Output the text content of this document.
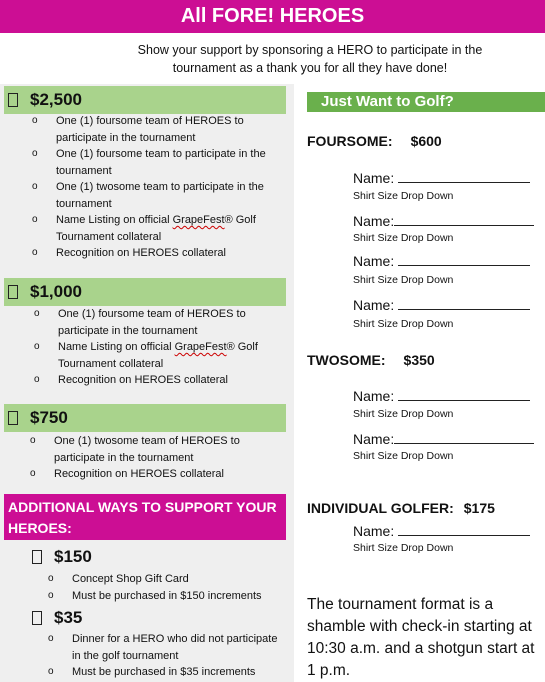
All FORE! HEROES
Show your support by sponsoring a HERO to participate in the tournament as a thank you for all they have done!
$2,500
o One (1) foursome team of HEROES to participate in the tournament
o One (1) foursome team to participate in the tournament
o One (1) twosome team to participate in the tournament
o Name Listing on official GrapeFest® Golf Tournament collateral
o Recognition on HEROES collateral
$1,000
o One (1) foursome team of HEROES to participate in the tournament
o Name Listing on official GrapeFest® Golf Tournament collateral
o Recognition on HEROES collateral
$750
o One (1) twosome team of HEROES to participate in the tournament
o Recognition on HEROES collateral
ADDITIONAL WAYS TO SUPPORT YOUR HEROES:
$150
o Concept Shop Gift Card
o Must be purchased in $150 increments
$35
o Dinner for a HERO who did not participate in the golf tournament
o Must be purchased in $35 increments
Just Want to Golf?
FOURSOME: $600
Name:
Shirt Size Drop Down
Name:
Shirt Size Drop Down
Name:
Shirt Size Drop Down
Name:
Shirt Size Drop Down
TWOSOME: $350
Name:
Shirt Size Drop Down
Name:
Shirt Size Drop Down
INDIVIDUAL GOLFER: $175
Name:
Shirt Size Drop Down
The tournament format is a shamble with check-in starting at 10:30 a.m. and a shotgun start at 1 p.m.
